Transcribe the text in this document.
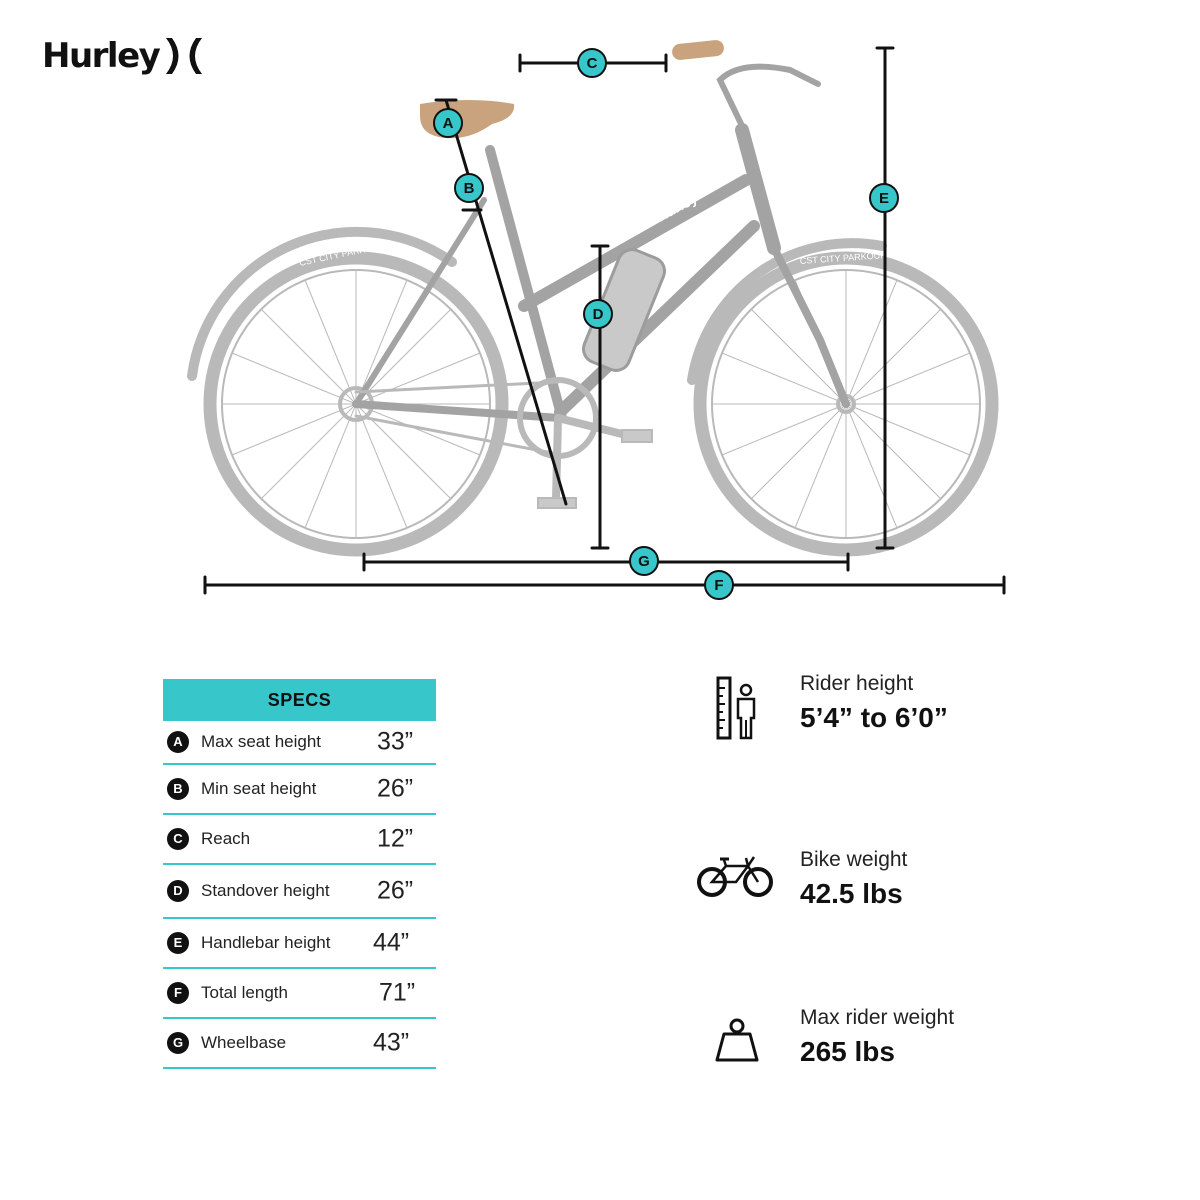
Hurley
Hurley
CST CITY PARKOUR	CST CITY PARKOUR
A
B
C
D
E
F
G
SPECS
A	Max seat height 33”
B	Min seat height 26”
C	Reach	12”
D	Standover height 26”
E	Handlebar height 44”
F	Total length	71”
G	Wheelbase	43”
Rider height
5’4” to 6’0”
Bike weight
42.5 lbs
Max rider weight
265 lbs
